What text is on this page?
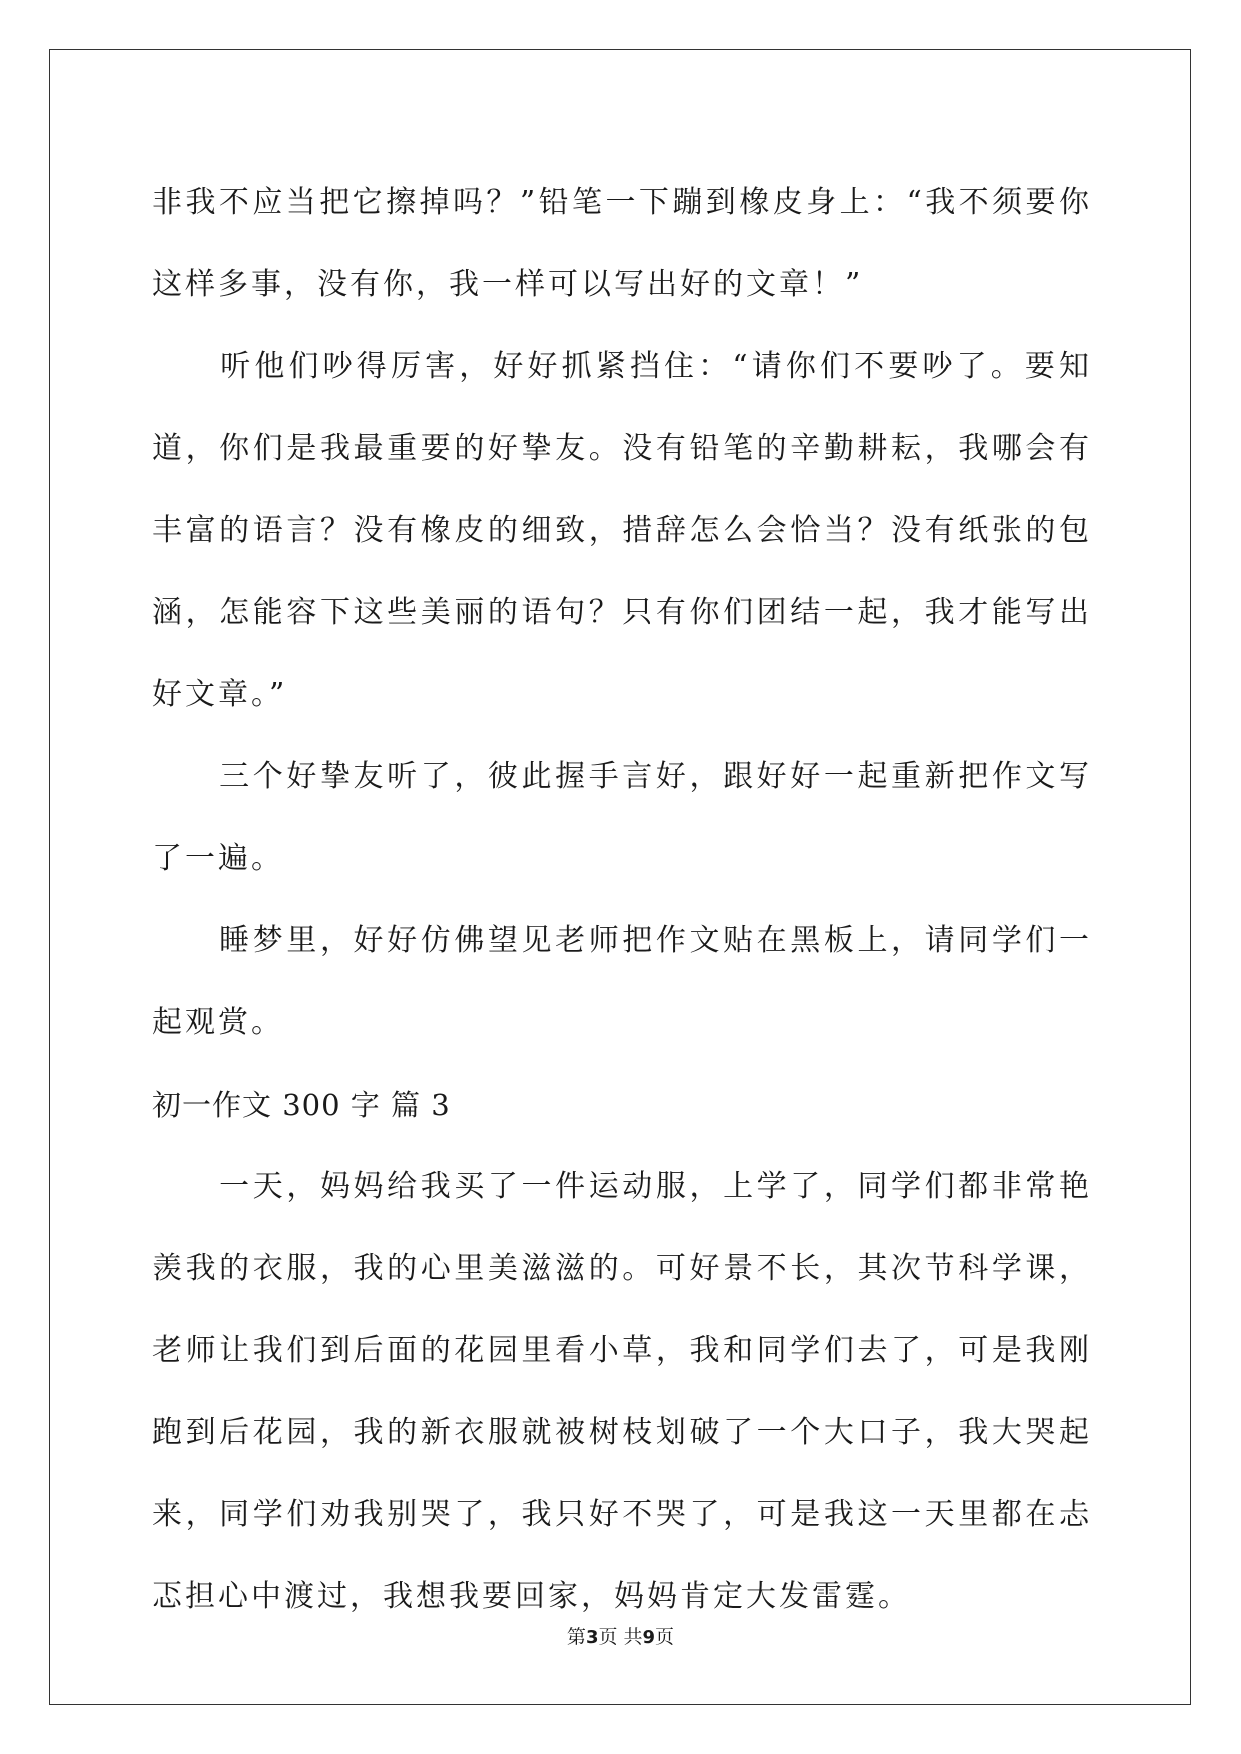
非我不应当把它擦掉吗？”铅笔一下蹦到橡皮身上：“我不须要你这样多事，没有你，我一样可以写出好的文章！”

　　听他们吵得厉害，好好抓紧挡住：“请你们不要吵了。要知道，你们是我最重要的好挚友。没有铅笔的辛勤耕耘，我哪会有丰富的语言？没有橡皮的细致，措辞怎么会恰当？没有纸张的包涵，怎能容下这些美丽的语句？只有你们团结一起，我才能写出好文章。”

　　三个好挚友听了，彼此握手言好，跟好好一起重新把作文写了一遍。

　　睡梦里，好好仿佛望见老师把作文贴在黑板上，请同学们一起观赏。

初一作文 300 字 篇 3

　　一天，妈妈给我买了一件运动服，上学了，同学们都非常艳羡我的衣服，我的心里美滋滋的。可好景不长，其次节科学课，老师让我们到后面的花园里看小草，我和同学们去了，可是我刚跑到后花园，我的新衣服就被树枝划破了一个大口子，我大哭起来，同学们劝我别哭了，我只好不哭了，可是我这一天里都在忐忑担心中渡过，我想我要回家，妈妈肯定大发雷霆。

第3页 共9页
